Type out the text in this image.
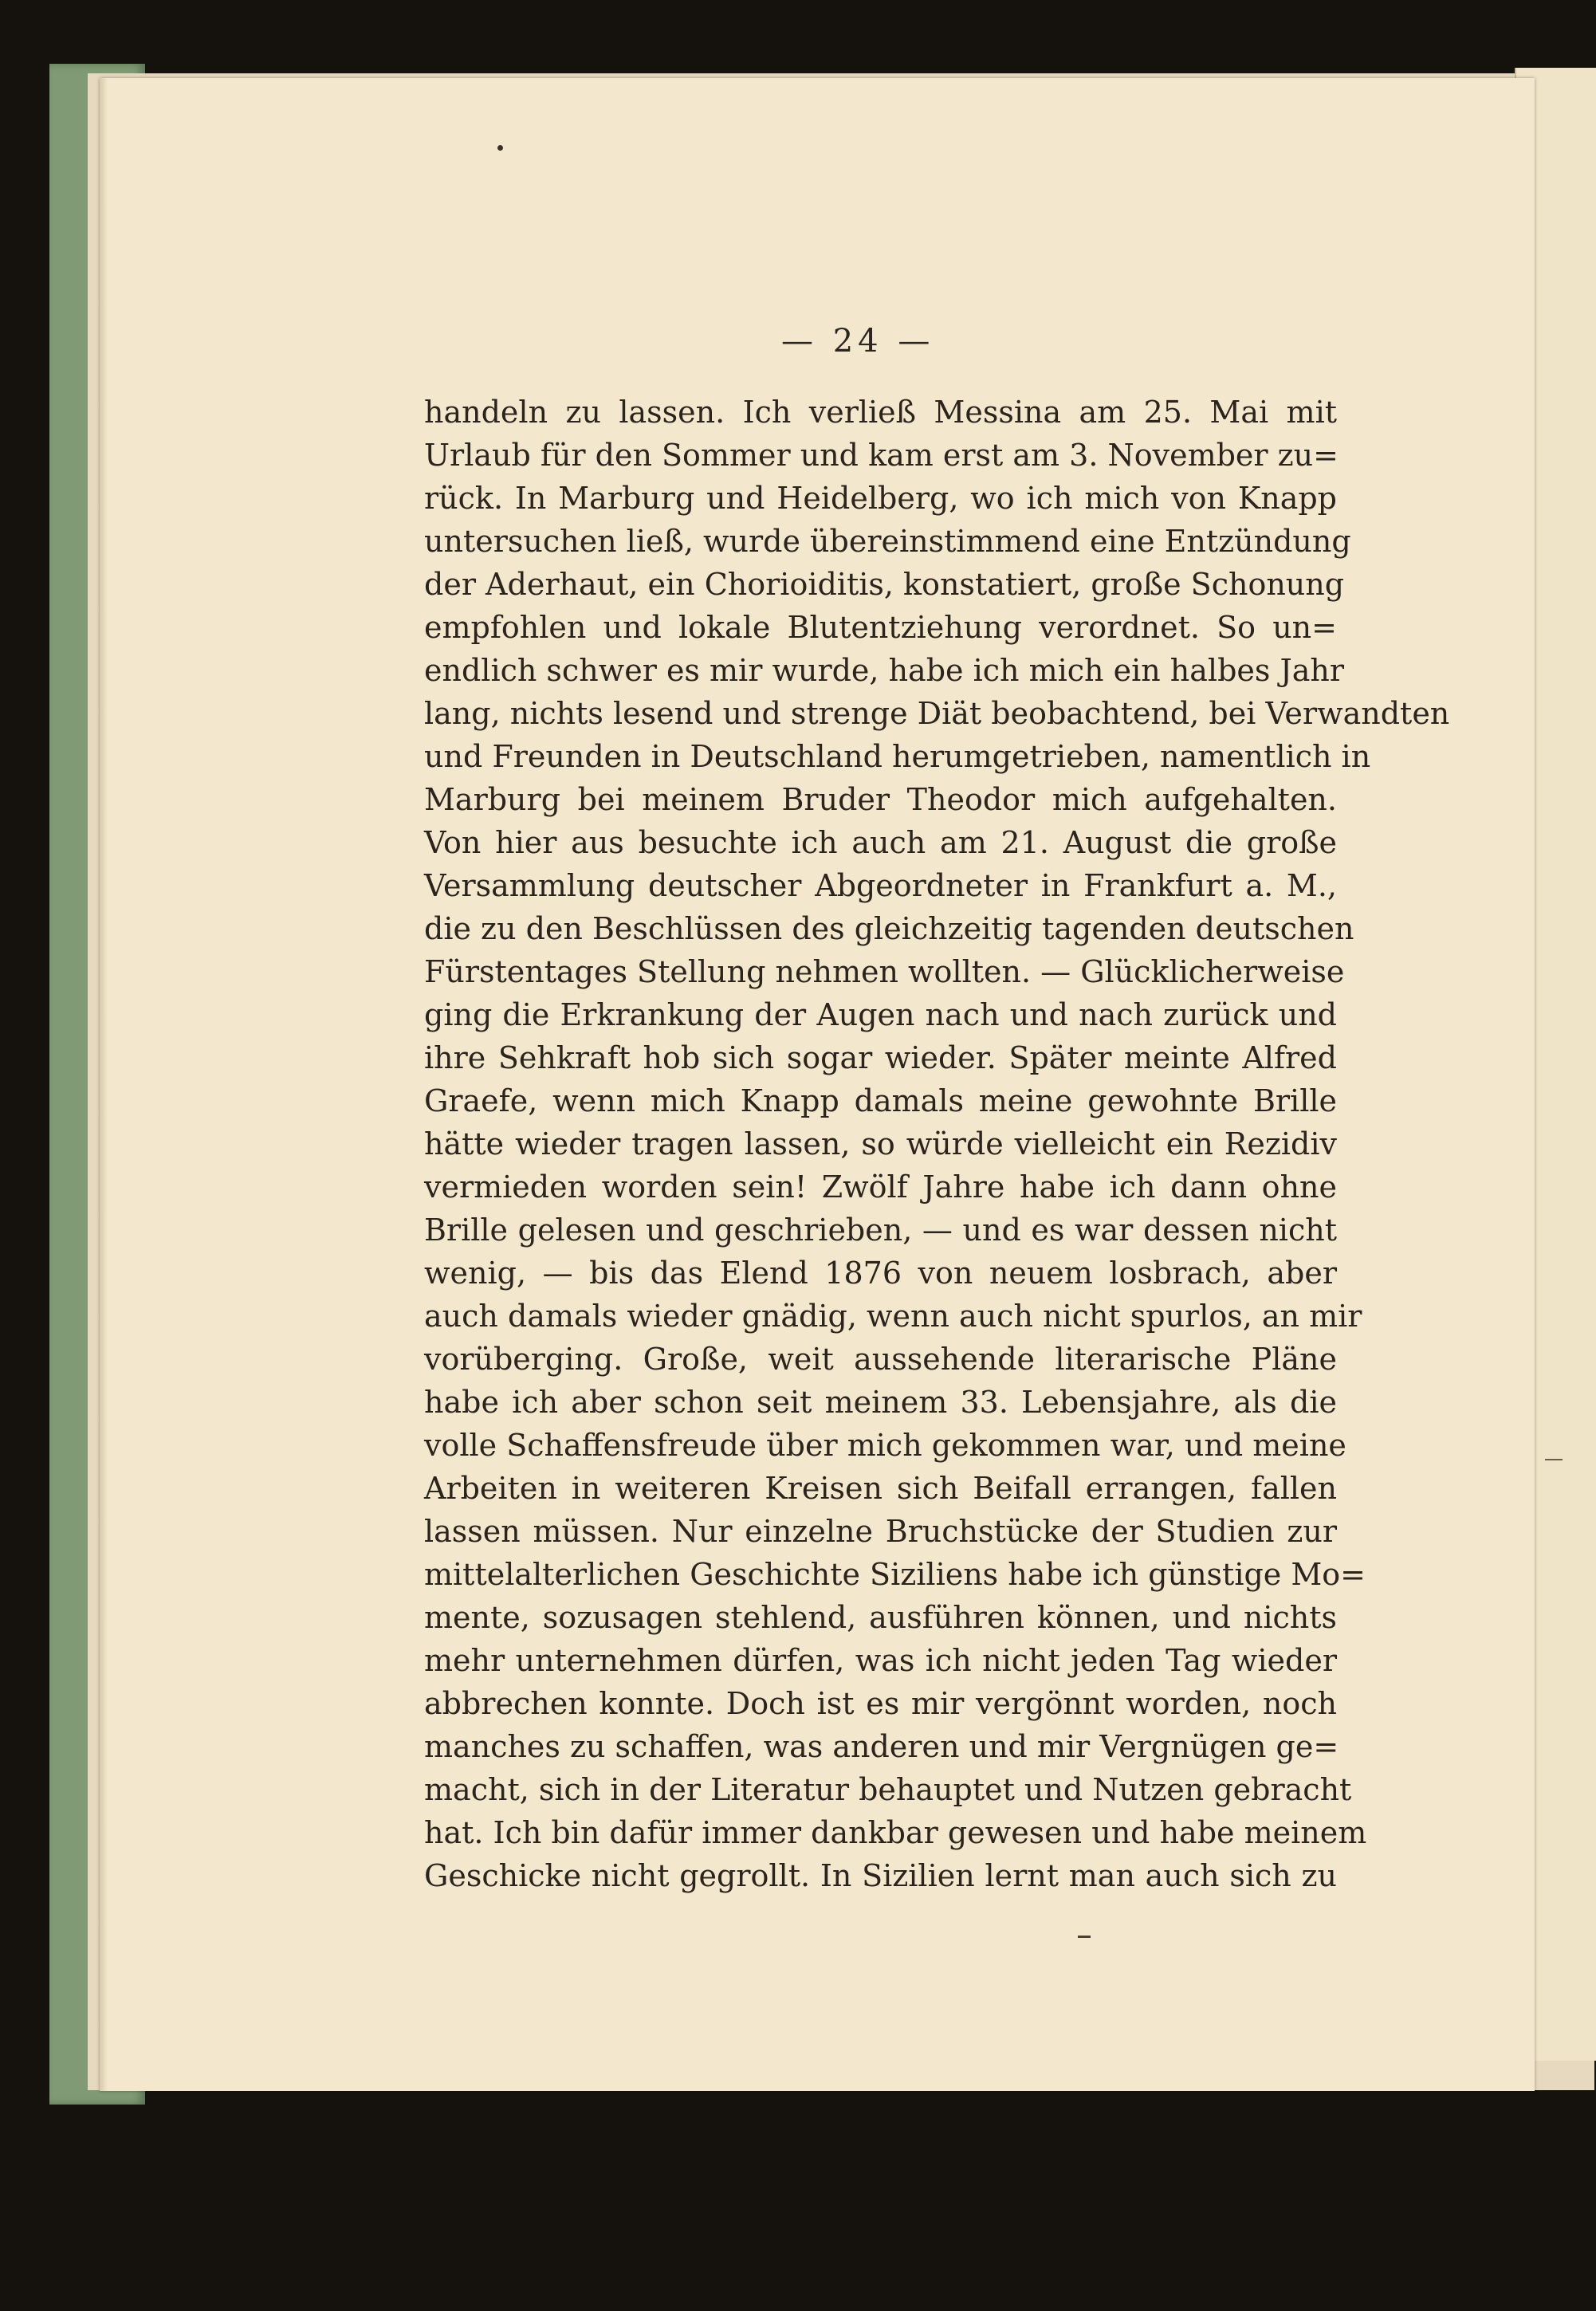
— 24 —
handeln zu lassen. Ich verließ Messina am 25. Mai mit
Urlaub für den Sommer und kam erst am 3. November zu=
rück. In Marburg und Heidelberg, wo ich mich von Knapp
untersuchen ließ, wurde übereinstimmend eine Entzündung
der Aderhaut, ein Chorioiditis, konstatiert, große Schonung
empfohlen und lokale Blutentziehung verordnet. So un=
endlich schwer es mir wurde, habe ich mich ein halbes Jahr
lang, nichts lesend und strenge Diät beobachtend, bei Verwandten
und Freunden in Deutschland herumgetrieben, namentlich in
Marburg bei meinem Bruder Theodor mich aufgehalten.
Von hier aus besuchte ich auch am 21. August die große
Versammlung deutscher Abgeordneter in Frankfurt a. M.,
die zu den Beschlüssen des gleichzeitig tagenden deutschen
Fürstentages Stellung nehmen wollten. — Glücklicherweise
ging die Erkrankung der Augen nach und nach zurück und
ihre Sehkraft hob sich sogar wieder. Später meinte Alfred
Graefe, wenn mich Knapp damals meine gewohnte Brille
hätte wieder tragen lassen, so würde vielleicht ein Rezidiv
vermieden worden sein! Zwölf Jahre habe ich dann ohne
Brille gelesen und geschrieben, — und es war dessen nicht
wenig, — bis das Elend 1876 von neuem losbrach, aber
auch damals wieder gnädig, wenn auch nicht spurlos, an mir
vorüberging. Große, weit aussehende literarische Pläne
habe ich aber schon seit meinem 33. Lebensjahre, als die
volle Schaffensfreude über mich gekommen war, und meine
Arbeiten in weiteren Kreisen sich Beifall errangen, fallen
lassen müssen. Nur einzelne Bruchstücke der Studien zur
mittelalterlichen Geschichte Siziliens habe ich günstige Mo=
mente, sozusagen stehlend, ausführen können, und nichts
mehr unternehmen dürfen, was ich nicht jeden Tag wieder
abbrechen konnte. Doch ist es mir vergönnt worden, noch
manches zu schaffen, was anderen und mir Vergnügen ge=
macht, sich in der Literatur behauptet und Nutzen gebracht
hat. Ich bin dafür immer dankbar gewesen und habe meinem
Geschicke nicht gegrollt. In Sizilien lernt man auch sich zu
